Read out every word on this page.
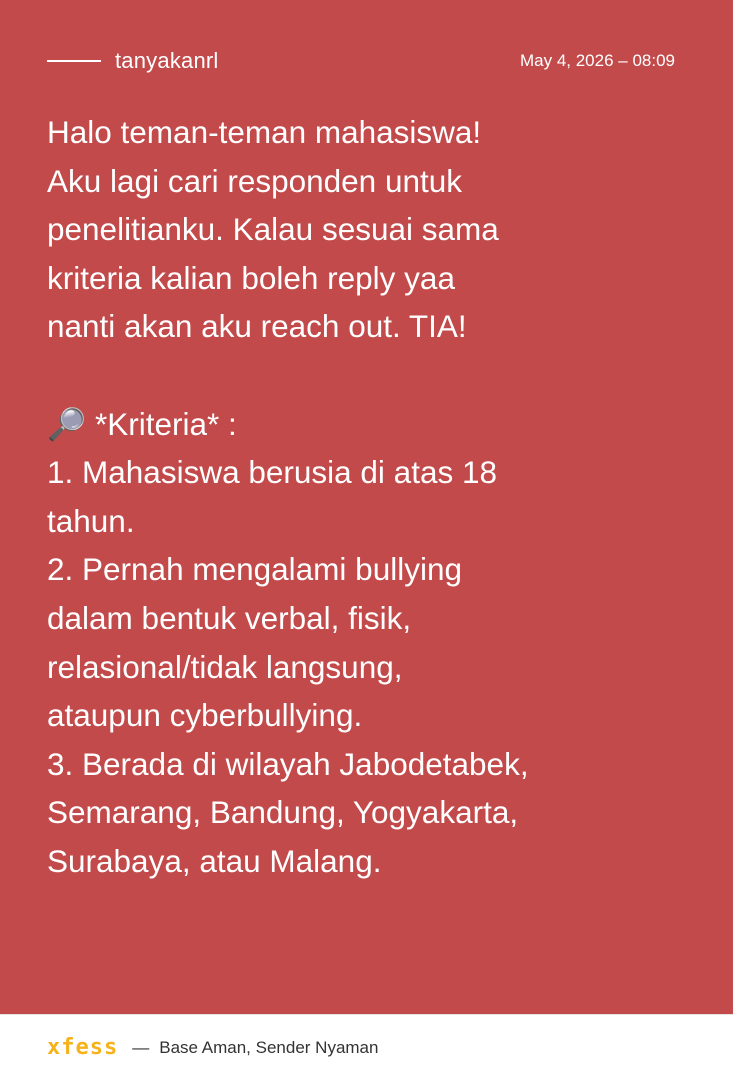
tanyakanrl	May 4, 2026 – 08:09

Halo teman-teman mahasiswa!
Aku lagi cari responden untuk
penelitianku. Kalau sesuai sama
kriteria kalian boleh reply yaa
nanti akan aku reach out. TIA!

🔎 *Kriteria* :
1. Mahasiswa berusia di atas 18
tahun.
2. Pernah mengalami bullying
dalam bentuk verbal, fisik,
relasional/tidak langsung,
ataupun cyberbullying.
3. Berada di wilayah Jabodetabek,
Semarang, Bandung, Yogyakarta,
Surabaya, atau Malang.

xfess — Base Aman, Sender Nyaman
